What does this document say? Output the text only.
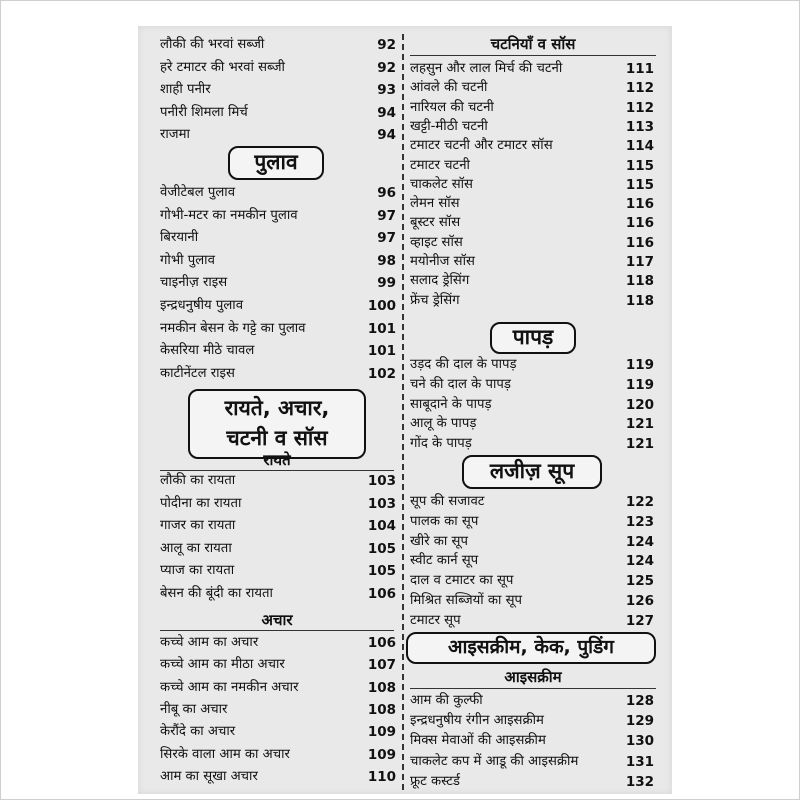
लौकी की भरवां सब्जी	92
हरे टमाटर की भरवां सब्जी	92
शाही पनीर	93
पनीरी शिमला मिर्च	94
राजमा	94
पुलाव
वेजीटेबल पुलाव	96
गोभी-मटर का नमकीन पुलाव	97
बिरयानी	97
गोभी पुलाव	98
चाइनीज़ राइस	99
इन्द्रधनुषीय पुलाव	100
नमकीन बेसन के गट्टे का पुलाव	101
केसरिया मीठे चावल	101
काटीनेंटल राइस	102
रायते, अचार,
चटनी व सॉस
रायते
लौकी का रायता	103
पोदीना का रायता	103
गाजर का रायता	104
आलू का रायता	105
प्याज का रायता	105
बेसन की बूंदी का रायता	106
अचार
कच्चे आम का अचार	106
कच्चे आम का मीठा अचार	107
कच्चे आम का नमकीन अचार	108
नीबू का अचार	108
केरौंदे का अचार	109
सिरके वाला आम का अचार	109
आम का सूखा अचार	110
चटनियाँ व सॉस
लहसुन और लाल मिर्च की चटनी	111
आंवले की चटनी	112
नारियल की चटनी	112
खट्टी-मीठी चटनी	113
टमाटर चटनी और टमाटर सॉस	114
टमाटर चटनी	115
चाकलेट सॉस	115
लेमन सॉस	116
बूस्टर सॉस	116
व्हाइट सॉस	116
मयोनीज सॉस	117
सलाद ड्रेसिंग	118
फ्रेंच ड्रेसिंग	118
पापड़
उड़द की दाल के पापड़	119
चने की दाल के पापड़	119
साबूदाने के पापड़	120
आलू के पापड़	121
गोंद के पापड़	121
लजीज़ सूप
सूप की सजावट	122
पालक का सूप	123
खीरे का सूप	124
स्वीट कार्न सूप	124
दाल व टमाटर का सूप	125
मिश्रित सब्जियों का सूप	126
टमाटर सूप	127
आइसक्रीम, केक, पुडिंग
आइसक्रीम
आम की कुल्फी	128
इन्द्रधनुषीय रंगीन आइसक्रीम	129
मिक्स मेवाओं की आइसक्रीम	130
चाकलेट कप में आडू की आइसक्रीम	131
फ्रूट कस्टर्ड	132
